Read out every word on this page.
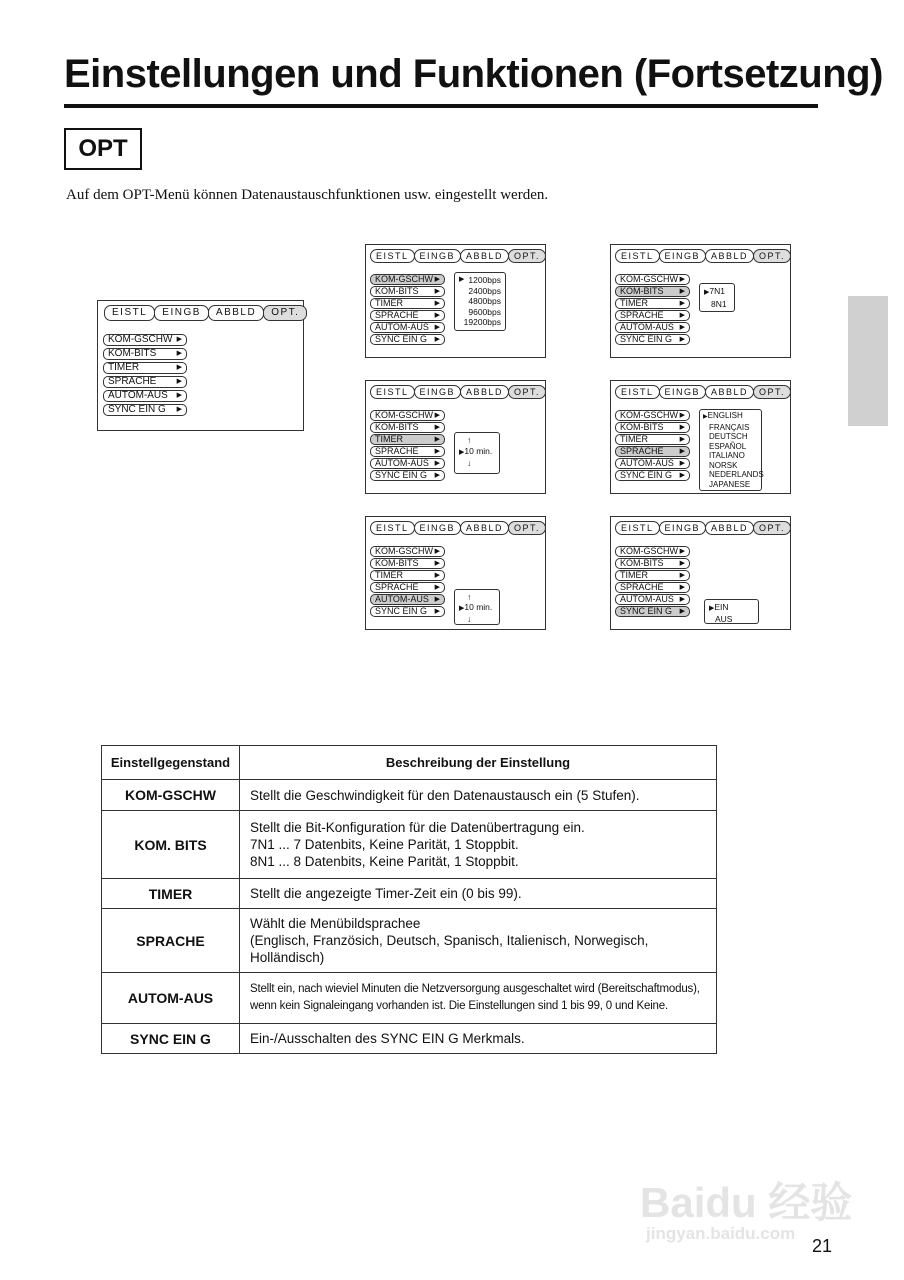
Einstellungen und Funktionen (Fortsetzung)
OPT
Auf dem OPT-Menü können Datenaustauschfunktionen usw. eingestellt werden.
EISTL	EINGB	ABBLD	OPT.
KOM-GSCHW ▶
KOM-BITS	▶
TIMER	▶
SPRACHE	▶
AUTOM-AUS ▶
SYNC EIN G ▶
EISTL	EINGB	ABBLD	OPT.
KOM-GSCHW ▶
KOM-BITS ▶
TIMER	▶
SPRACHE ▶
AUTOM-AUS ▶
SYNC EIN G ▶
▶ 1200bps
2400bps
4800bps
9600bps
19200bps
EISTL	EINGB	ABBLD	OPT.
KOM-GSCHW ▶
KOM-BITS ▶
TIMER	▶
SPRACHE ▶
AUTOM-AUS ▶
SYNC EIN G ▶
▶7N1
8N1
EISTL	EINGB	ABBLD	OPT.
KOM-GSCHW ▶
KOM-BITS ▶
TIMER	▶
SPRACHE ▶
AUTOM-AUS ▶
SYNC EIN G ▶
↑
▶10 min.
↓
EISTL	EINGB	ABBLD	OPT.
KOM-GSCHW ▶
KOM-BITS ▶
TIMER	▶
SPRACHE ▶
AUTOM-AUS ▶
SYNC EIN G ▶
▶ENGLISH
FRANÇAIS
DEUTSCH
ESPAÑOL
ITALIANO
NORSK
NEDERLANDS
JAPANESE
EISTL	EINGB	ABBLD	OPT.
KOM-GSCHW ▶
KOM-BITS ▶
TIMER	▶
SPRACHE ▶
AUTOM-AUS ▶
SYNC EIN G ▶
↑
▶10 min.
↓
EISTL	EINGB	ABBLD	OPT.
KOM-GSCHW ▶
KOM-BITS ▶
TIMER	▶
SPRACHE ▶
AUTOM-AUS ▶
SYNC EIN G ▶	▶EIN
AUS
Einstellgegenstand	Beschreibung der Einstellung
KOM-GSCHW	Stellt die Geschwindigkeit für den Datenaustausch ein (5 Stufen).

KOM. BITS	Stellt die Bit-Konfiguration für die Datenübertragung ein.
7N1 ... 7 Datenbits, Keine Parität, 1 Stoppbit.
8N1 ... 8 Datenbits, Keine Parität, 1 Stoppbit.

TIMER	Stellt die angezeigte Timer-Zeit ein (0 bis 99).

SPRACHE	Wählt die Menübildsprachee
(Englisch, Französich, Deutsch, Spanisch, Italienisch, Norwegisch, Holländisch)

AUTOM-AUS	Stellt ein, nach wieviel Minuten die Netzversorgung ausgeschaltet wird (Bereitschaftmodus),
wenn kein Signaleingang vorhanden ist. Die Einstellungen sind 1 bis 99, 0 und Keine.

SYNC EIN G	Ein-/Ausschalten des SYNC EIN G Merkmals.
Baidu 经验
jingyan.baidu.com
21
